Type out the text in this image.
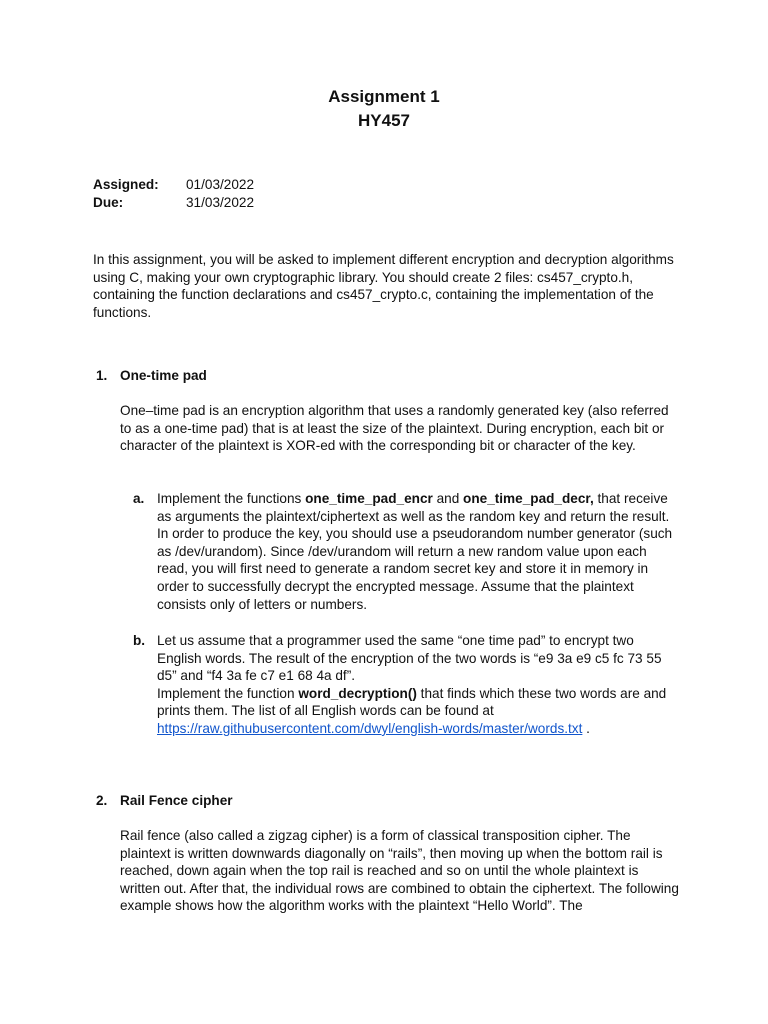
Assignment 1
HY457
Assigned: 01/03/2022
Due:	31/03/2022

In this assignment, you will be asked to implement different encryption and decryption algorithms using C, making your own cryptographic library. You should create 2 files: cs457_crypto.h, containing the function declarations and cs457_crypto.c, containing the implementation of the functions.

1. One-time pad

One–time pad is an encryption algorithm that uses a randomly generated key (also referred to as a one-time pad) that is at least the size of the plaintext. During encryption, each bit or character of the plaintext is XOR-ed with the corresponding bit or character of the key.

a. Implement the functions one_time_pad_encr and one_time_pad_decr, that receive as arguments the plaintext/ciphertext as well as the random key and return the result. In order to produce the key, you should use a pseudorandom number generator (such as /dev/urandom). Since /dev/urandom will return a new random value upon each read, you will first need to generate a random secret key and store it in memory in order to successfully decrypt the encrypted message. Assume that the plaintext consists only of letters or numbers.

b. Let us assume that a programmer used the same “one time pad” to encrypt two English words. The result of the encryption of the two words is “e9 3a e9 c5 fc 73 55 d5” and “f4 3a fe c7 e1 68 4a df”.
Implement the function word_decryption() that finds which these two words are and prints them. The list of all English words can be found at https://raw.githubusercontent.com/dwyl/english-words/master/words.txt .

2. Rail Fence cipher

Rail fence (also called a zigzag cipher) is a form of classical transposition cipher. The plaintext is written downwards diagonally on “rails”, then moving up when the bottom rail is reached, down again when the top rail is reached and so on until the whole plaintext is written out. After that, the individual rows are combined to obtain the ciphertext. The following example shows how the algorithm works with the plaintext “Hello World”. The
